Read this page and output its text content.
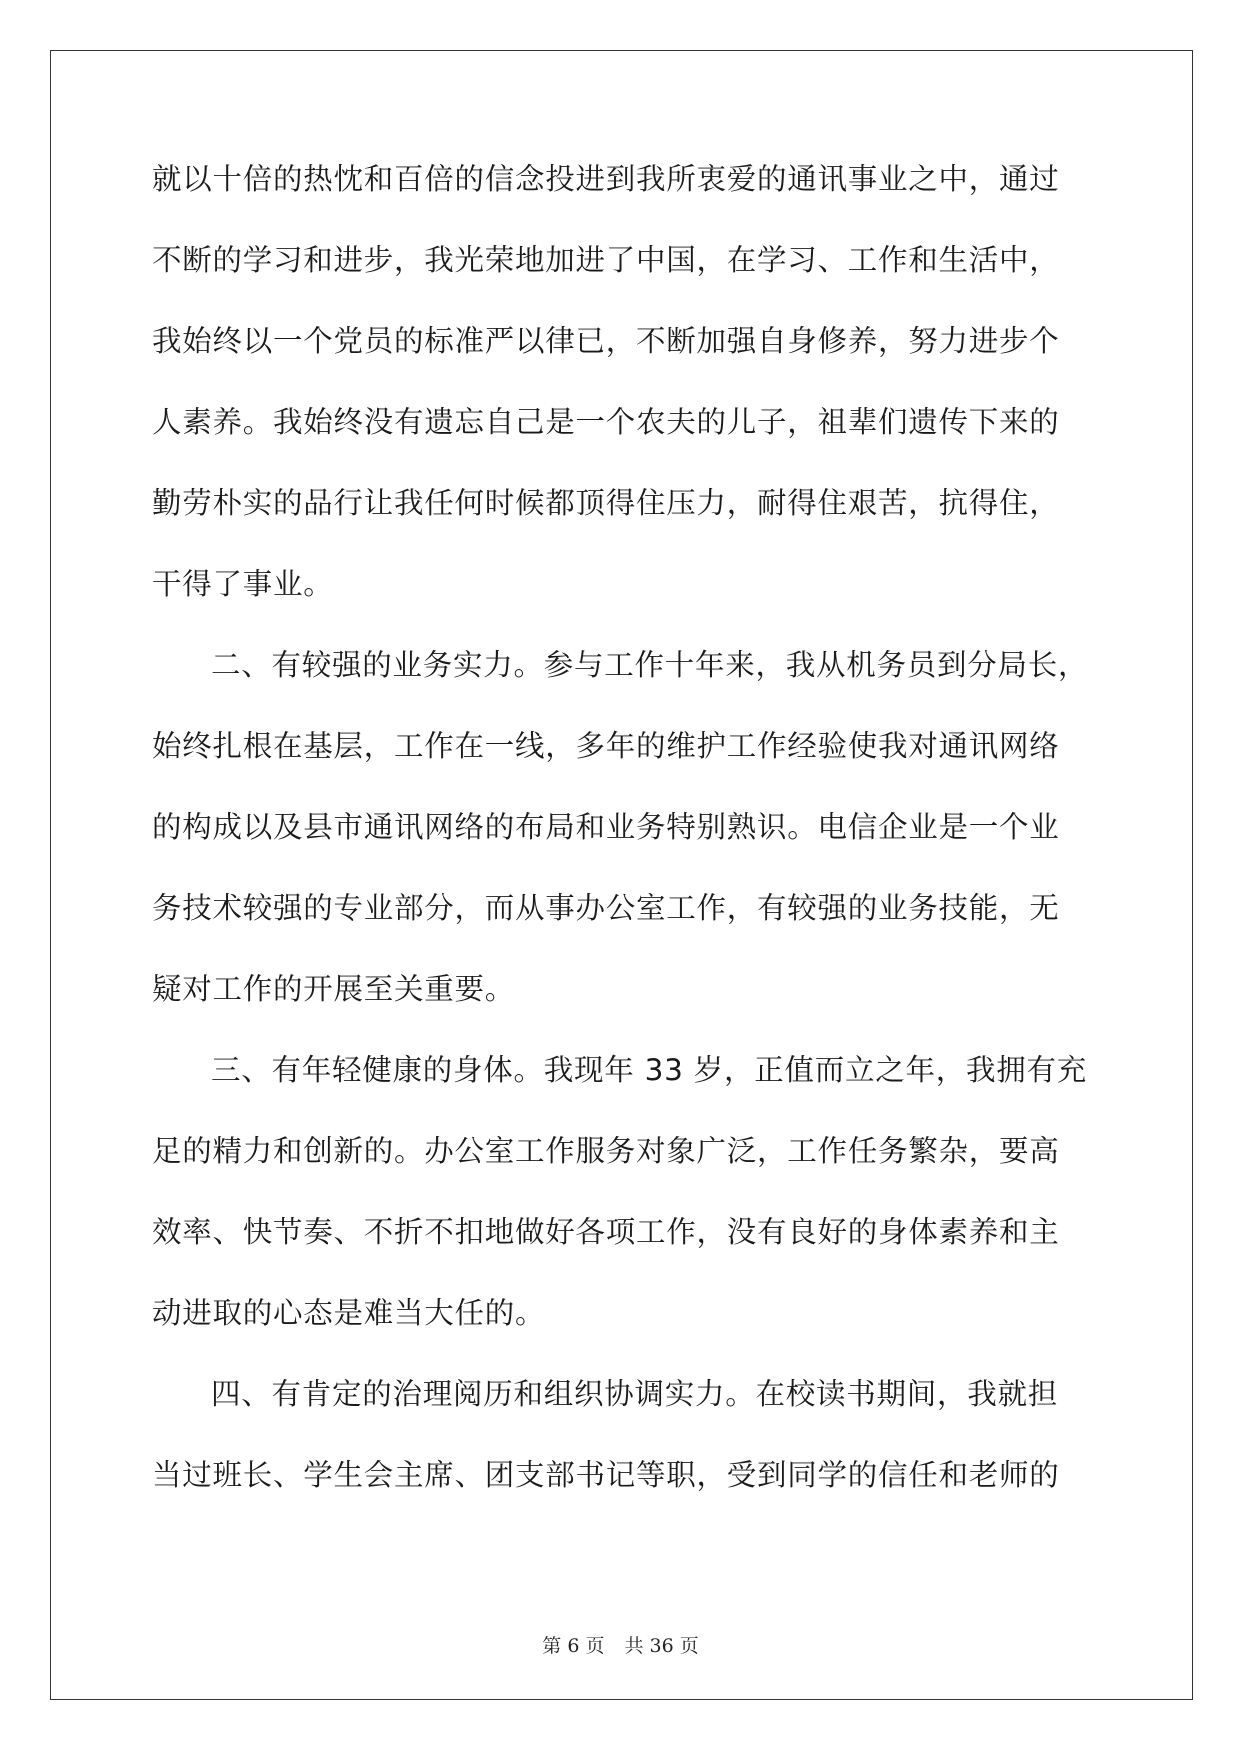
就以十倍的热忱和百倍的信念投进到我所衷爱的通讯事业之中，通过
不断的学习和进步，我光荣地加进了中国，在学习、工作和生活中，
我始终以一个党员的标准严以律已，不断加强自身修养，努力进步个
人素养。我始终没有遗忘自己是一个农夫的儿子，祖辈们遗传下来的
勤劳朴实的品行让我任何时候都顶得住压力，耐得住艰苦，抗得住，
干得了事业。
二、有较强的业务实力。参与工作十年来，我从机务员到分局长，
始终扎根在基层，工作在一线，多年的维护工作经验使我对通讯网络
的构成以及县市通讯网络的布局和业务特别熟识。电信企业是一个业
务技术较强的专业部分，而从事办公室工作，有较强的业务技能，无
疑对工作的开展至关重要。
三、有年轻健康的身体。我现年 33 岁，正值而立之年，我拥有充
足的精力和创新的。办公室工作服务对象广泛，工作任务繁杂，要高
效率、快节奏、不折不扣地做好各项工作，没有良好的身体素养和主
动进取的心态是难当大任的。
四、有肯定的治理阅历和组织协调实力。在校读书期间，我就担
当过班长、学生会主席、团支部书记等职，受到同学的信任和老师的
第 6 页 共 36 页
